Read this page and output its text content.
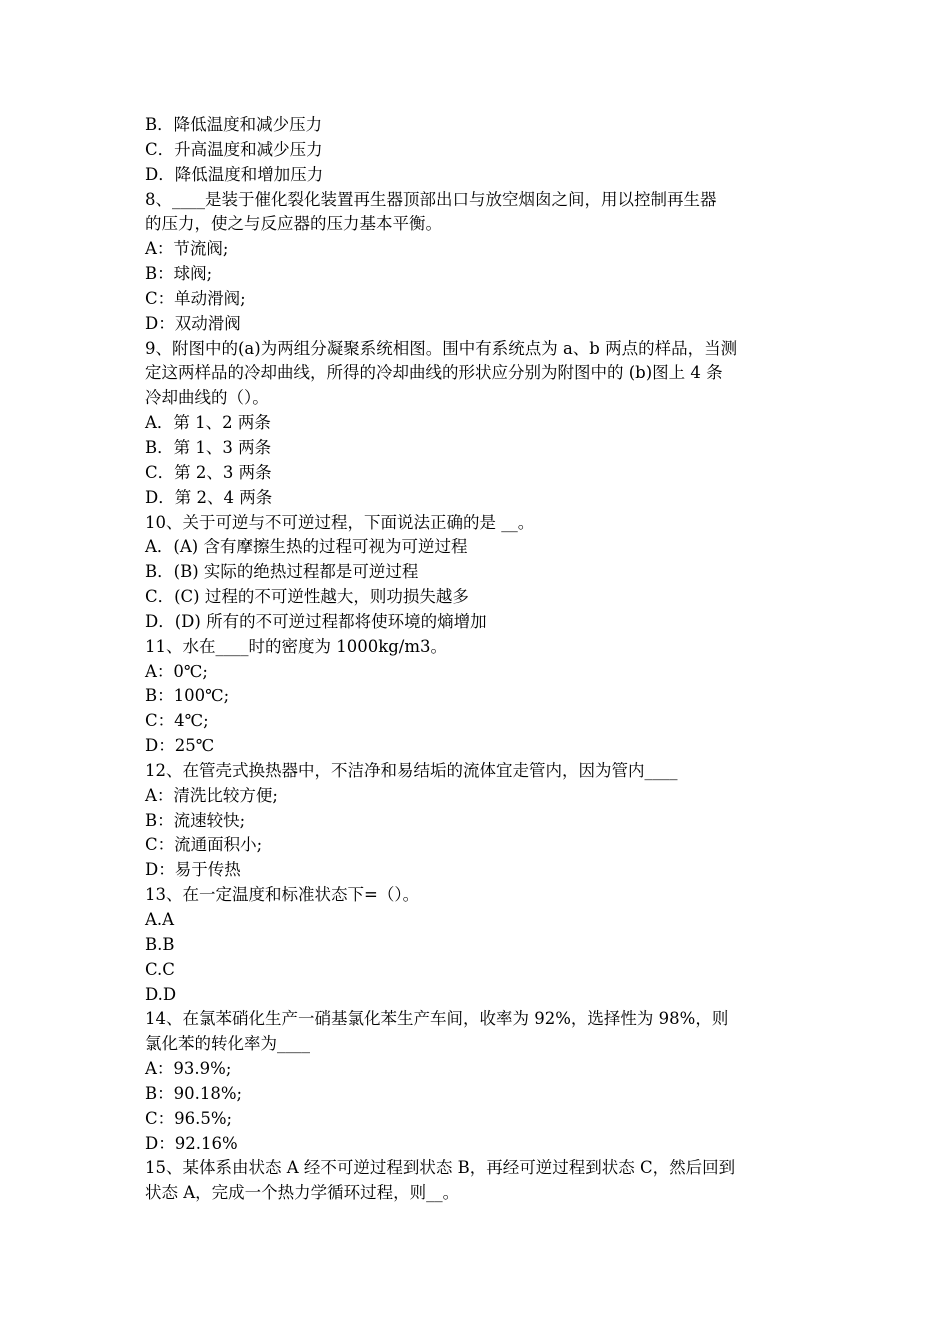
B．降低温度和减少压力
C．升高温度和减少压力
D．降低温度和增加压力
8、____是装于催化裂化装置再生器顶部出口与放空烟囱之间，用以控制再生器
的压力，使之与反应器的压力基本平衡。
A：节流阀;
B：球阀;
C：单动滑阀;
D：双动滑阀
9、附图中的(a)为两组分凝聚系统相图。围中有系统点为 a、b 两点的样品，当测
定这两样品的冷却曲线，所得的冷却曲线的形状应分别为附图中的 (b)图上 4 条
冷却曲线的（）。
A．第 1、2 两条
B．第 1、3 两条
C．第 2、3 两条
D．第 2、4 两条
10、关于可逆与不可逆过程，下面说法正确的是 __。
A．(A) 含有摩擦生热的过程可视为可逆过程
B．(B) 实际的绝热过程都是可逆过程
C．(C) 过程的不可逆性越大，则功损失越多
D．(D) 所有的不可逆过程都将使环境的熵增加
11、水在____时的密度为 1000kg/m3。
A：0℃;
B：100℃;
C：4℃;
D：25℃
12、在管壳式换热器中，不洁净和易结垢的流体宜走管内，因为管内____
A：清洗比较方便;
B：流速较快;
C：流通面积小;
D：易于传热
13、在一定温度和标准状态下=（）。
A.A
B.B
C.C
D.D
14、在氯苯硝化生产一硝基氯化苯生产车间，收率为 92%，选择性为 98%，则
氯化苯的转化率为____
A：93.9%;
B：90.18%;
C：96.5%;
D：92.16%
15、某体系由状态 A 经不可逆过程到状态 B，再经可逆过程到状态 C，然后回到
状态 A，完成一个热力学循环过程，则__。
